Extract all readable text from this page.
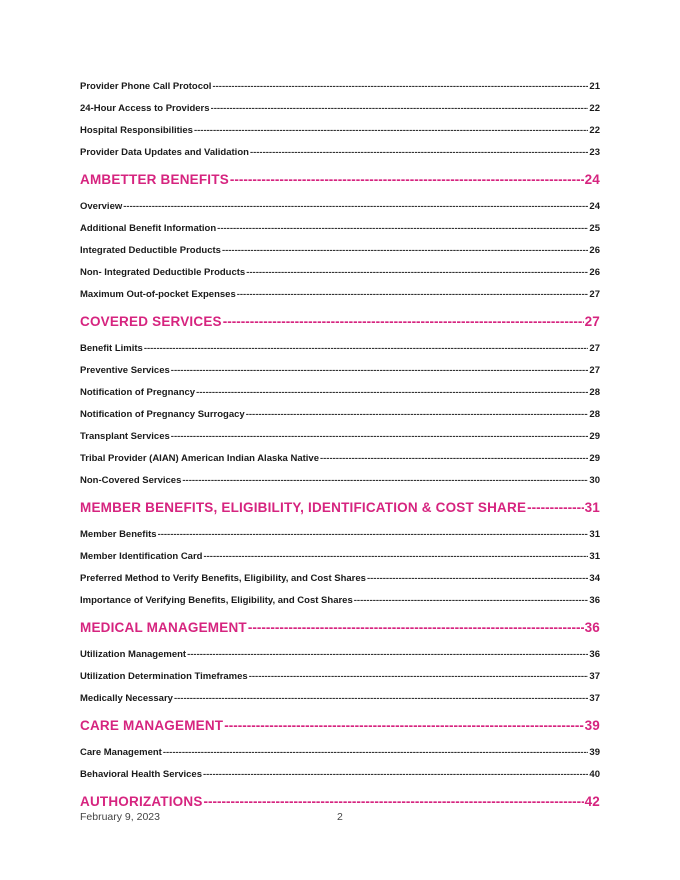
Provider Phone Call Protocol -----	21
24-Hour Access to Providers -----	22
Hospital Responsibilities -----	22
Provider Data Updates and Validation -----	23
AMBETTER BENEFITS -----	24
Overview -----	24
Additional Benefit Information -----	25
Integrated Deductible Products -----	26
Non- Integrated Deductible Products -----	26
Maximum Out-of-pocket Expenses -----	27
COVERED SERVICES -----	27
Benefit Limits -----	27
Preventive Services -----	27
Notification of Pregnancy -----	28
Notification of Pregnancy Surrogacy -----	28
Transplant Services -----	29
Tribal Provider (AIAN) American Indian Alaska Native -----	29
Non-Covered Services -----	30
MEMBER BENEFITS, ELIGIBILITY, IDENTIFICATION & COST SHARE -----	31
Member Benefits -----	31
Member Identification Card -----	31
Preferred Method to Verify Benefits, Eligibility, and Cost Shares -----	34
Importance of Verifying Benefits, Eligibility, and Cost Shares -----	36
MEDICAL MANAGEMENT -----	36
Utilization Management -----	36
Utilization Determination Timeframes -----	37
Medically Necessary -----	37
CARE MANAGEMENT -----	39
Care Management -----	39
Behavioral Health Services -----	40
AUTHORIZATIONS -----	42
February 9, 2023	2
